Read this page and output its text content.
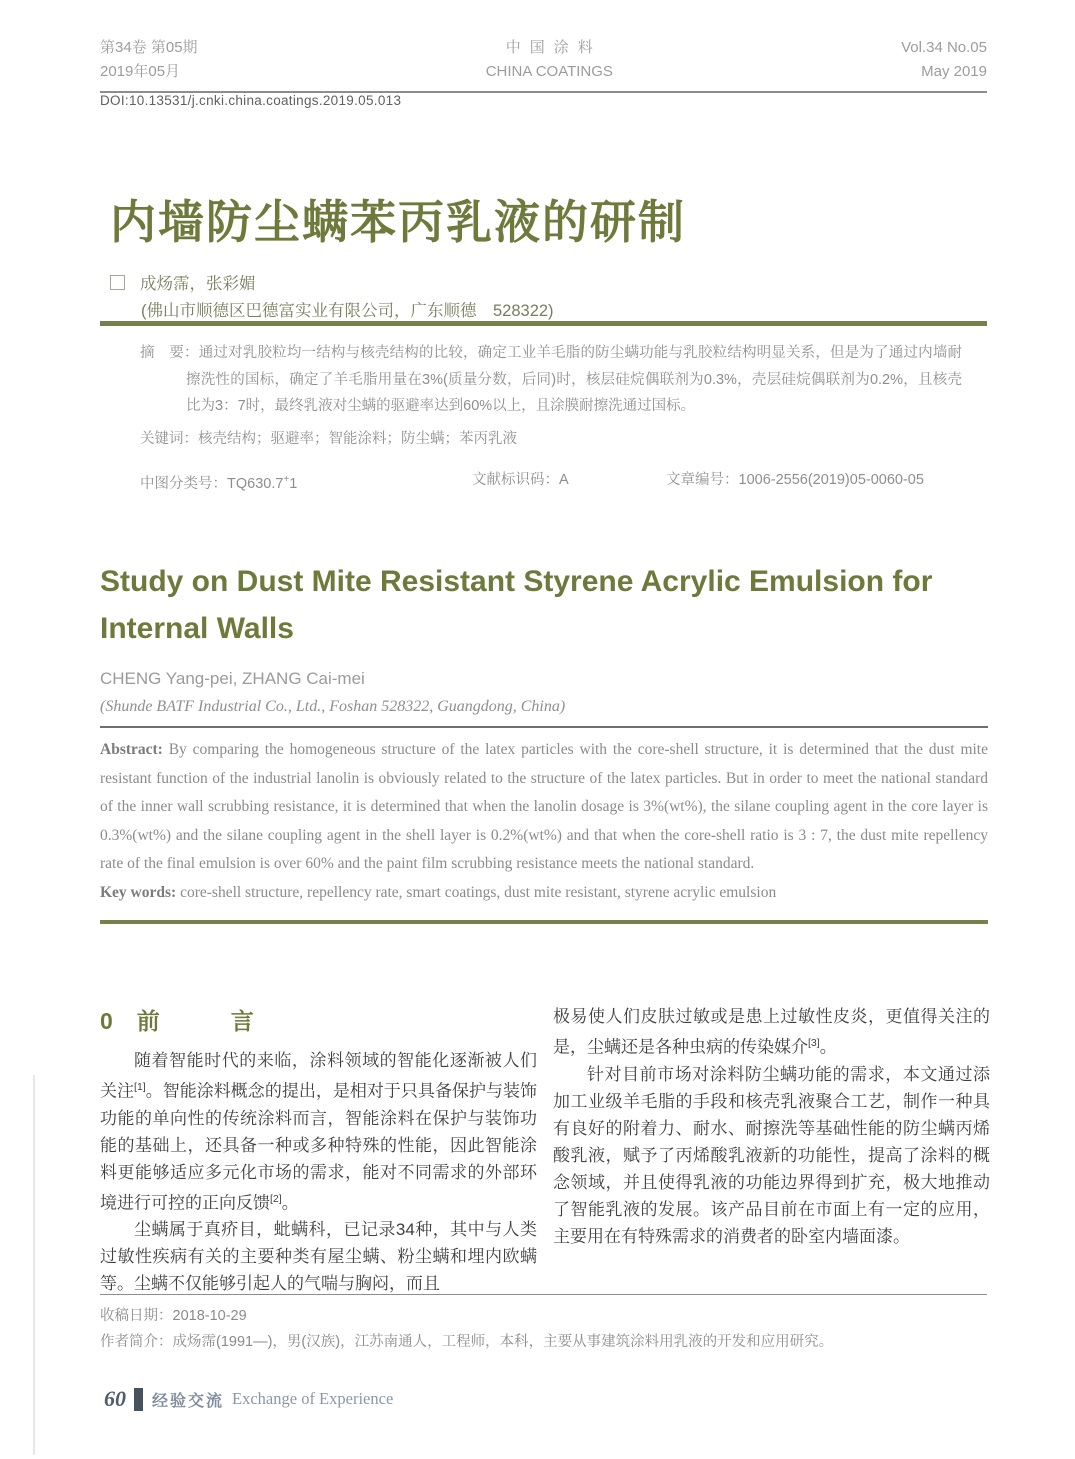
第34卷 第05期
2019年05月
中国涂料
CHINA COATINGS
Vol.34 No.05
May 2019
DOI:10.13531/j.cnki.china.coatings.2019.05.013
内墙防尘螨苯丙乳液的研制
成炀霈，张彩媚
(佛山市顺德区巴德富实业有限公司，广东顺德　528322)

摘　要：通过对乳胶粒均一结构与核壳结构的比较，确定工业羊毛脂的防尘螨功能与乳胶粒结构明显关系，但是为了通过内墙耐擦洗性的国标，确定了羊毛脂用量在3%(质量分数，后同)时，核层硅烷偶联剂为0.3%，壳层硅烷偶联剂为0.2%，且核壳比为3：7时，最终乳液对尘螨的驱避率达到60%以上，且涂膜耐擦洗通过国标。

关键词：核壳结构；驱避率；智能涂料；防尘螨；苯丙乳液
中图分类号：TQ630.7+1	文献标识码：A	文章编号：1006-2556(2019)05-0060-05
Study on Dust Mite Resistant Styrene Acrylic Emulsion for Internal Walls
CHENG Yang-pei, ZHANG Cai-mei
(Shunde BATF Industrial Co., Ltd., Foshan 528322, Guangdong, China)

Abstract: By comparing the homogeneous structure of the latex particles with the core-shell structure, it is determined that the dust mite resistant function of the industrial lanolin is obviously related to the structure of the latex particles. But in order to meet the national standard of the inner wall scrubbing resistance, it is determined that when the lanolin dosage is 3%(wt%), the silane coupling agent in the core layer is 0.3%(wt%) and the silane coupling agent in the shell layer is 0.2%(wt%) and that when the core-shell ratio is 3 : 7, the dust mite repellency rate of the final emulsion is over 60% and the paint film scrubbing resistance meets the national standard.

Key words: core-shell structure, repellency rate, smart coatings, dust mite resistant, styrene acrylic emulsion

0 前　言

随着智能时代的来临，涂料领域的智能化逐渐被人们关注[1]。智能涂料概念的提出，是相对于只具备保护与装饰功能的单向性的传统涂料而言，智能涂料在保护与装饰功能的基础上，还具备一种或多种特殊的性能，因此智能涂料更能够适应多元化市场的需求，能对不同需求的外部环境进行可控的正向反馈[2]。

尘螨属于真疥目，蚍螨科，已记录34种，其中与人类过敏性疾病有关的主要种类有屋尘螨、粉尘螨和埋内欧螨等。尘螨不仅能够引起人的气喘与胸闷，而且

极易使人们皮肤过敏或是患上过敏性皮炎，更值得关注的是，尘螨还是各种虫病的传染媒介[3]。

针对目前市场对涂料防尘螨功能的需求，本文通过添加工业级羊毛脂的手段和核壳乳液聚合工艺，制作一种具有良好的附着力、耐水、耐擦洗等基础性能的防尘螨丙烯酸乳液，赋予了丙烯酸乳液新的功能性，提高了涂料的概念领域，并且使得乳液的功能边界得到扩充，极大地推动了智能乳液的发展。该产品目前在市面上有一定的应用，主要用在有特殊需求的消费者的卧室内墙面漆。

收稿日期：2018-10-29
作者简介：成炀霈(1991—)，男(汉族)，江苏南通人，工程师，本科，主要从事建筑涂料用乳液的开发和应用研究。
60 经验交流 Exchange of Experience
